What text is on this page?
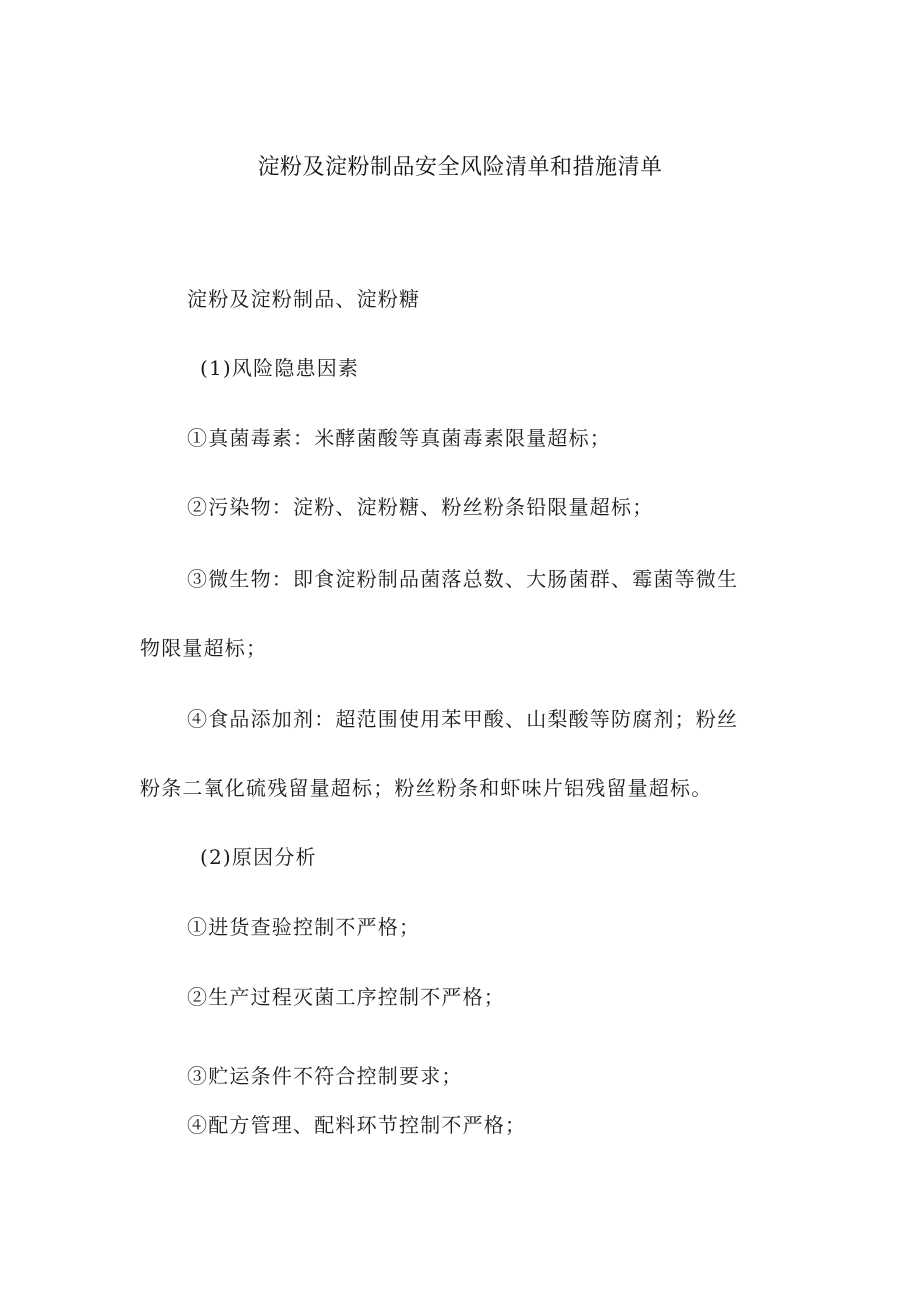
淀粉及淀粉制品安全风险清单和措施清单
淀粉及淀粉制品、淀粉糖
(1)风险隐患因素
①真菌毒素：米酵菌酸等真菌毒素限量超标；
②污染物：淀粉、淀粉糖、粉丝粉条铅限量超标；
③微生物：即食淀粉制品菌落总数、大肠菌群、霉菌等微生
物限量超标；
④食品添加剂：超范围使用苯甲酸、山梨酸等防腐剂；粉丝
粉条二氧化硫残留量超标；粉丝粉条和虾味片铝残留量超标。
(2)原因分析
①进货查验控制不严格；
②生产过程灭菌工序控制不严格；
③贮运条件不符合控制要求；
④配方管理、配料环节控制不严格；
